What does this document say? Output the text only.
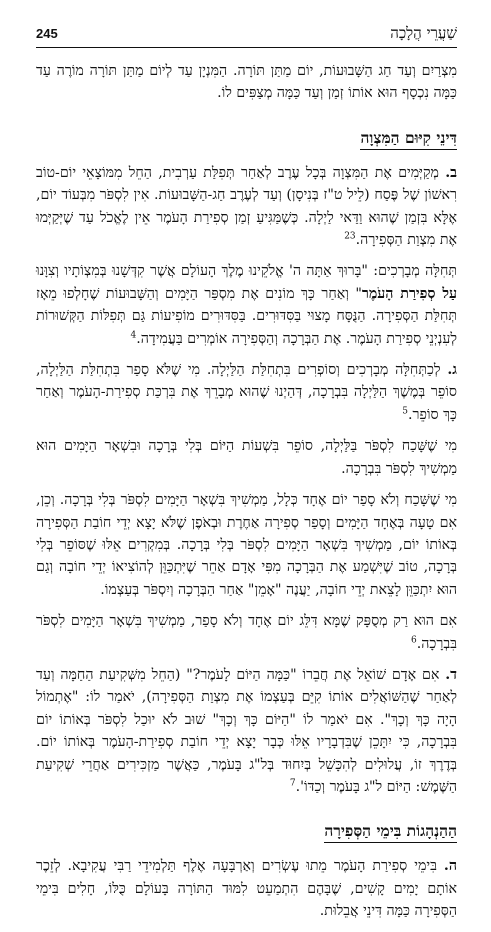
245	שַׁעֲרֵי הֲלָכָה

מִצְרַיִם וְעַד חַג הַשָּׁבוּעוֹת, יוֹם מַתַּן תּוֹרָה. הַמִּנְיָן עַד לְיוֹם מַתַּן תּוֹרָה מוֹרֶה עַד כַּמָּה נִכְסָף הוּא אוֹתוֹ זְמַן וְעַד כַּמָּה מְצַפִּים לוֹ.

דִּינֵי קִיּוּם הַמִּצְוָה

ב. מְקַיְּמִים אֶת הַמִּצְוָה בְּכָל עֶרֶב לְאַחַר תְּפִלַּת עַרְבִית, הַחֵל מִמּוֹצָאֵי יוֹם-טוֹב רִאשׁוֹן שֶׁל פֶּסַח (לֵיל ט"ז בְּנִיסָן) וְעַד לְעֶרֶב חַג-הַשָּׁבוּעוֹת. אִין לִסְפֹּר מִבְּעוֹד יוֹם, אֶלָּא בִּזְמַן שֶׁהוּא וַדַּאי לַיְלָה. כְּשֶׁמַּגִּיעַ זְמַן סְפִירַת הָעֹמֶר אֵין לֶאֱכֹל עַד שֶׁיְּקַיְּמוּ אֶת מִצְוַת הַסְּפִירָה.$^{23}$

תְּחִלָּה מְבָרְכִים: "בָּרוּךְ אַתָּה ה' אֱלֹקֵינוּ מֶלֶךְ הָעוֹלָם אֲשֶׁר קִדְּשָׁנוּ בְּמִצְוֹתָיו וְצִוָּנוּ עַל סְפִירַת הָעֹמֶר" וְאַחַר כָּךְ מוֹנִים אֶת מִסְפַּר הַיָּמִים וְהַשָּׁבוּעוֹת שֶׁחָלְפוּ מֵאָז תְּחִלַּת הַסְּפִירָה. הַנֻּסָּח מָצוּי בַּסִּדּוּרִים. בַּסִּדּוּרִים מוֹפִיעוֹת גַּם תְּפִלּוֹת הַקְּשׁוּרוֹת לְעִנְיְנֵי סְפִירַת הָעֹמֶר. אֶת הַבְּרָכָה וְהַסְּפִירָה אוֹמְרִים בַּעֲמִידָה.$^4$

ג. לְכַתְּחִלָּה מְבָרְכִים וְסוֹפְרִים בִּתְחִלַּת הַלַּיְלָה. מִי שֶׁלֹּא סָפַר בִּתְחִלַּת הַלַּיְלָה, סוֹפֵר בְּמֶשֶׁךְ הַלַּיְלָה בִּבְרָכָה, דְּהַיְנוּ שֶׁהוּא מְבָרֵךְ אֶת בִּרְכַּת סְפִירַת-הָעֹמֶר וְאַחַר כָּךְ סוֹפֵר.$^5$

מִי שֶׁשָּׁכַח לִסְפֹּר בַּלַּיְלָה, סוֹפֵר בִּשְׁעוֹת הַיּוֹם בְּלִי בְּרָכָה וּבִשְׁאָר הַיָּמִים הוּא מַמְשִׁיךְ לִסְפֹּר בִּבְרָכָה.

מִי שֶׁשָּׁכַח וְלֹא סָפַר יוֹם אֶחָד כְּלָל, מַמְשִׁיךְ בִּשְׁאָר הַיָּמִים לִסְפֹּר בְּלִי בְּרָכָה. וְכֵן, אִם טָעָה בְּאֶחָד הַיָּמִים וְסָפַר סְפִירָה אַחֶרֶת וּבְאֹפֶן שֶׁלֹּא יָצָא יְדֵי חוֹבַת הַסְּפִירָה בְּאוֹתוֹ יוֹם, מַמְשִׁיךְ בִּשְׁאָר הַיָּמִים לִסְפֹּר בְּלִי בְּרָכָה. בְּמִקְרִים אֵלּוּ שֶׁסּוֹפֵר בְּלִי בְּרָכָה, טוֹב שֶׁיִּשְׁמַע אֶת הַבְּרָכָה מִפִּי אָדָם אַחֵר שֶׁיִּתְכַּוֵּן לְהוֹצִיאוֹ יְדֵי חוֹבָה וְגַם הוּא יִתְכַּוֵּן לָצֵאת יְדֵי חוֹבָה, יַעֲנֶה "אָמֵן" אַחַר הַבְּרָכָה וְיִסְפֹּר בְּעַצְמוֹ.

אִם הוּא רַק מְסֻפָּק שֶׁמָּא דִּלֵּג יוֹם אֶחָד וְלֹא סָפַר, מַמְשִׁיךְ בִּשְׁאָר הַיָּמִים לִסְפֹּר בִּבְרָכָה.$^6$

ד. אִם אָדָם שׁוֹאֵל אֶת חֲבֵרוֹ "כַּמָּה הַיּוֹם לָעֹמֶר?" (הַחֵל מִשְּׁקִיעַת הַחַמָּה וְעַד לְאַחַר שֶׁהַשּׁוֹאֲלִים אוֹתוֹ קִיֵּם בְּעַצְמוֹ אֶת מִצְוַת הַסְּפִירָה), יֹאמַר לוֹ: "אֶתְמוֹל הָיָה כָּךְ וְכָךְ". אִם יֹאמַר לוֹ "הַיּוֹם כָּךְ וְכָךְ" שׁוּב לֹא יוּכַל לִסְפֹּר בְּאוֹתוֹ יוֹם בִּבְרָכָה, כִּי יִתָּכֵן שֶׁבִּדְבָרָיו אֵלּוּ כְּבָר יָצָא יְדֵי חוֹבַת סְפִירַת-הָעֹמֶר בְּאוֹתוֹ יוֹם. בְּדֶרֶךְ זוֹ, עֲלוּלִים לְהִכָּשֵׁל בְּיִחוּד בְּל"ג בָּעֹמֶר, כַּאֲשֶׁר מַזְכִּירִים אַחֲרֵי שְׁקִיעַת הַשֶּׁמֶשׁ: הַיּוֹם ל"ג בָּעֹמֶר וְכַדּוֹ'.$^7$

הַהַנְהָגוֹת בִּימֵי הַסְּפִירָה

ה. בִּימֵי סְפִירַת הָעֹמֶר מֵתוּ עֶשְׂרִים וְאַרְבָּעָה אֶלֶף תַּלְמִידֵי רַבִּי עֲקִיבָא. לְזֵכֶר אוֹתָם יָמִים קָשִׁים, שֶׁבָּהֶם הִתְמַעֵט לִמּוּד הַתּוֹרָה בָּעוֹלָם כֻּלּוֹ, חָלִים בִּימֵי הַסְּפִירָה כַּמָּה דִּינֵי אֲבֵלוּת.
